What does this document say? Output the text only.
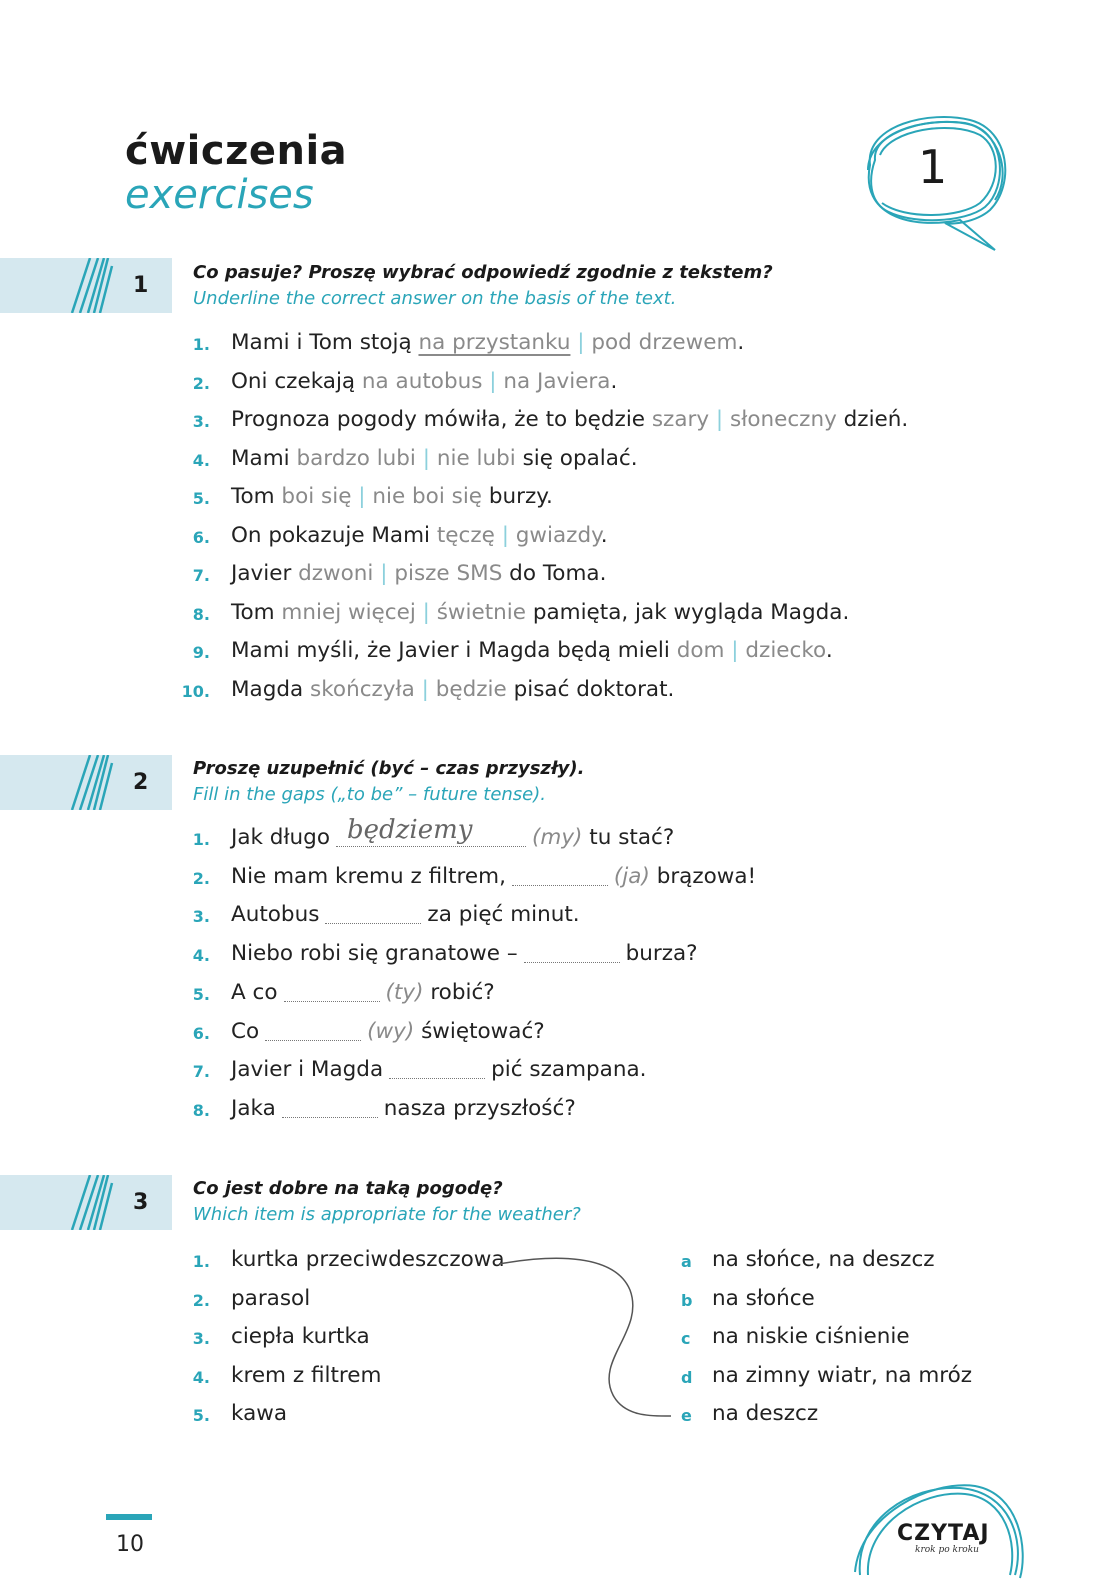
ćwiczenia
exercises
1
1
Co pasuje? Proszę wybrać odpowiedź zgodnie z tekstem?
Underline the correct answer on the basis of the text.
1. Mami i Tom stoją na przystanku | pod drzewem.
2. Oni czekają na autobus | na Javiera.
3. Prognoza pogody mówiła, że to będzie szary | słoneczny dzień.
4. Mami bardzo lubi | nie lubi się opalać.
5. Tom boi się | nie boi się burzy.
6. On pokazuje Mami tęczę | gwiazdy.
7. Javier dzwoni | pisze SMS do Toma.
8. Tom mniej więcej | świetnie pamięta, jak wygląda Magda.
9. Mami myśli, że Javier i Magda będą mieli dom | dziecko.
10. Magda skończyła | będzie pisać doktorat.
2
Proszę uzupełnić (być – czas przyszły).
Fill in the gaps („to be” – future tense).
1. Jak długo	(my) tu stać?
2. Nie mam kremu z filtrem,	(ja) brązowa!
3. Autobus	za pięć minut.
4. Niebo robi się granatowe –	burza?
5. A co	(ty) robić?
6. Co	(wy) świętować?
7. Javier i Magda	pić szampana.
8. Jaka	nasza przyszłość?
będziemy
3
Co jest dobre na taką pogodę?
Which item is appropriate for the weather?
1. kurtka przeciwdeszczowa
2. parasol
3. ciepła kurtka
4. krem z filtrem
5. kawa
a na słońce, na deszcz
b na słońce
c na niskie ciśnienie
d na zimny wiatr, na mróz
e na deszcz
10	CZYTAJ
krok po kroku
